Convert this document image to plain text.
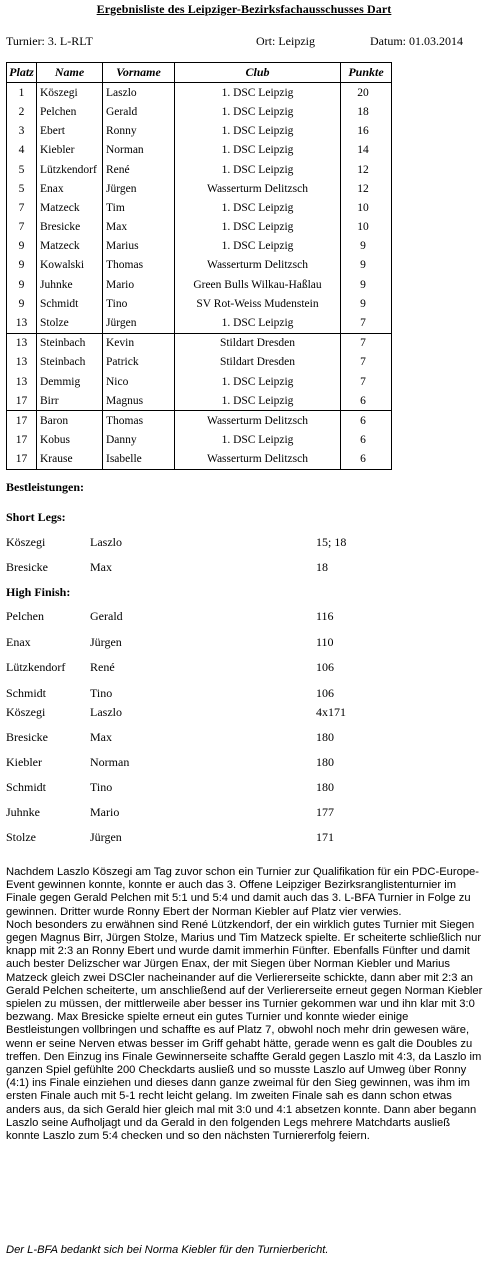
Ergebnisliste des Leipziger-Bezirksfachausschusses Dart
Turnier: 3. L-RLT	Ort: Leipzig	Datum: 01.03.2014
Platz	Name	Vorname	Club	Punkte
1	Köszegi	Laszlo	1. DSC Leipzig	20
2	Pelchen	Gerald	1. DSC Leipzig	18
3	Ebert	Ronny	1. DSC Leipzig	16
4	Kiebler	Norman	1. DSC Leipzig	14
5	Lützkendorf	René	1. DSC Leipzig	12
5	Enax	Jürgen	Wasserturm Delitzsch	12
7	Matzeck	Tim	1. DSC Leipzig	10
7	Bresicke	Max	1. DSC Leipzig	10
9	Matzeck	Marius	1. DSC Leipzig	9
9	Kowalski	Thomas	Wasserturm Delitzsch	9
9	Juhnke	Mario	Green Bulls Wilkau-Haßlau	9
9	Schmidt	Tino	SV Rot-Weiss Mudenstein	9
13	Stolze	Jürgen	1. DSC Leipzig	7
13	Steinbach	Kevin	Stildart Dresden	7
13	Steinbach	Patrick	Stildart Dresden	7
13	Demmig	Nico	1. DSC Leipzig	7
17	Birr	Magnus	1. DSC Leipzig	6
17	Baron	Thomas	Wasserturm Delitzsch	6
17	Kobus	Danny	1. DSC Leipzig	6
17	Krause	Isabelle	Wasserturm Delitzsch	6
Bestleistungen:
Short Legs:
Köszegi	Laszlo	15; 18
Bresicke	Max	18
High Finish:
Pelchen	Gerald	116
Enax	Jürgen	110
Lützkendorf René	106
Schmidt	Tino	106
Köszegi	Laszlo	4x171
Bresicke	Max	180
Kiebler	Norman	180
Schmidt	Tino	180
Juhnke	Mario	177
Stolze	Jürgen	171

Nachdem Laszlo Köszegi am Tag zuvor schon ein Turnier zur Qualifikation für ein PDC-Europe-Event gewinnen konnte, konnte er auch das 3. Offene Leipziger Bezirksranglistenturnier im Finale gegen Gerald Pelchen mit 5:1 und 5:4 und damit auch das 3. L-BFA Turnier in Folge zu gewinnen. Dritter wurde Ronny Ebert der Norman Kiebler auf Platz vier verwies.

Noch besonders zu erwähnen sind René Lützkendorf, der ein wirklich gutes Turnier mit Siegen gegen Magnus Birr, Jürgen Stolze, Marius und Tim Matzeck spielte. Er scheiterte schließlich nur knapp mit 2:3 an Ronny Ebert und wurde damit immerhin Fünfter. Ebenfalls Fünfter und damit auch bester Delizscher war Jürgen Enax, der mit Siegen über Norman Kiebler und Marius Matzeck gleich zwei DSCler nacheinander auf die Verliererseite schickte, dann aber mit 2:3 an Gerald Pelchen scheiterte, um anschließend auf der Verliererseite erneut gegen Norman Kiebler spielen zu müssen, der mittlerweile aber besser ins Turnier gekommen war und ihn klar mit 3:0 bezwang. Max Bresicke spielte erneut ein gutes Turnier und konnte wieder einige Bestleistungen vollbringen und schaffte es auf Platz 7, obwohl noch mehr drin gewesen wäre, wenn er seine Nerven etwas besser im Griff gehabt hätte, gerade wenn es galt die Doubles zu treffen. Den Einzug ins Finale Gewinnerseite schaffte Gerald gegen Laszlo mit 4:3, da Laszlo im ganzen Spiel gefühlte 200 Checkdarts ausließ und so musste Laszlo auf Umweg über Ronny (4:1) ins Finale einziehen und dieses dann ganze zweimal für den Sieg gewinnen, was ihm im ersten Finale auch mit 5-1 recht leicht gelang. Im zweiten Finale sah es dann schon etwas anders aus, da sich Gerald hier gleich mal mit 3:0 und 4:1 absetzen konnte. Dann aber begann Laszlo seine Aufholjagt und da Gerald in den folgenden Legs mehrere Matchdarts ausließ konnte Laszlo zum 5:4 checken und so den nächsten Turniererfolg feiern.

Der L-BFA bedankt sich bei Norma Kiebler für den Turnierbericht.
